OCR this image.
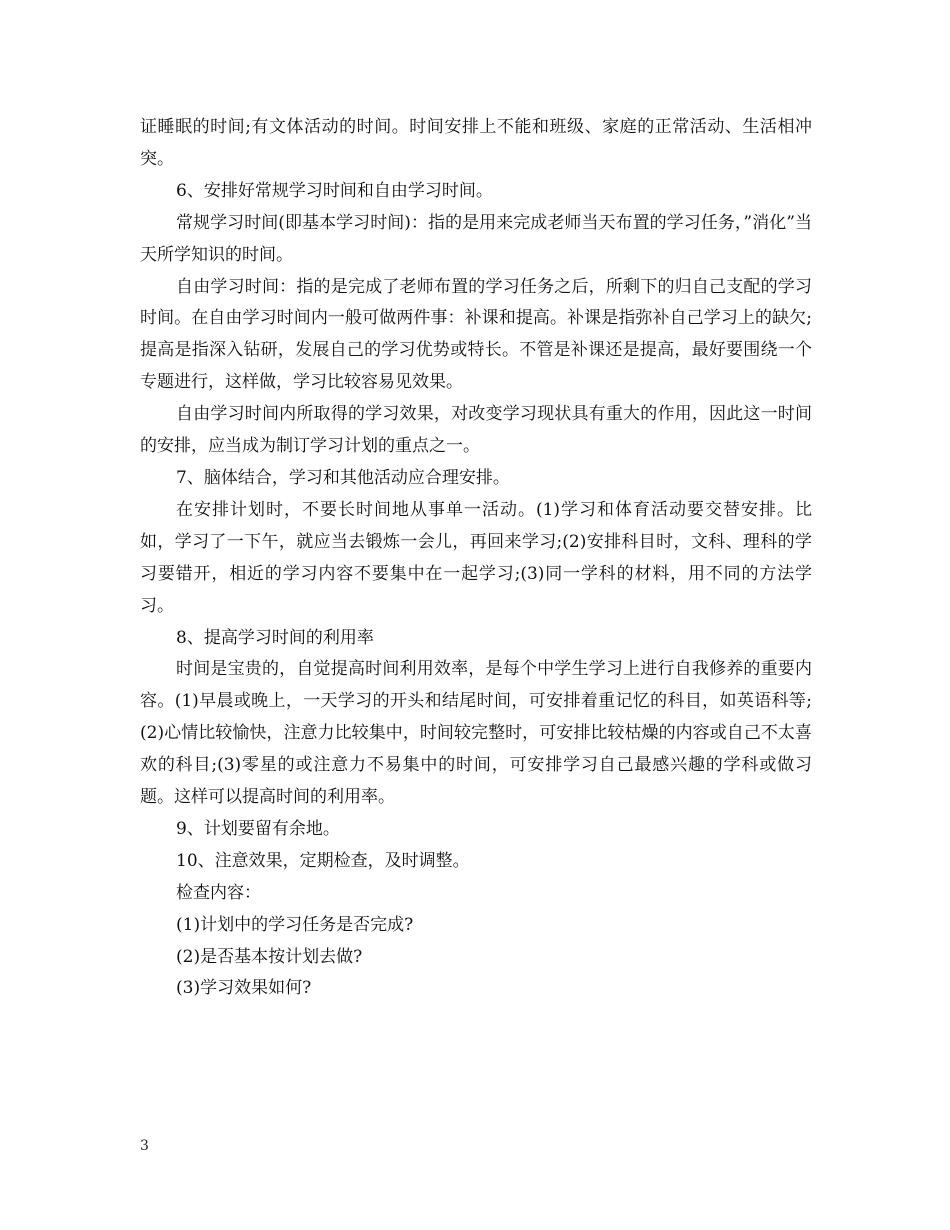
证睡眠的时间;有文体活动的时间。时间安排上不能和班级、家庭的正常活动、生活相冲突。

6、安排好常规学习时间和自由学习时间。

常规学习时间(即基本学习时间)：指的是用来完成老师当天布置的学习任务，”消化”当天所学知识的时间。

自由学习时间：指的是完成了老师布置的学习任务之后，所剩下的归自己支配的学习时间。在自由学习时间内一般可做两件事：补课和提高。补课是指弥补自己学习上的缺欠;提高是指深入钻研，发展自己的学习优势或特长。不管是补课还是提高，最好要围绕一个专题进行，这样做，学习比较容易见效果。

自由学习时间内所取得的学习效果，对改变学习现状具有重大的作用，因此这一时间的安排，应当成为制订学习计划的重点之一。

7、脑体结合，学习和其他活动应合理安排。

在安排计划时，不要长时间地从事单一活动。(1)学习和体育活动要交替安排。比如，学习了一下午，就应当去锻炼一会儿，再回来学习;(2)安排科目时，文科、理科的学习要错开，相近的学习内容不要集中在一起学习;(3)同一学科的材料，用不同的方法学习。

8、提高学习时间的利用率

时间是宝贵的，自觉提高时间利用效率，是每个中学生学习上进行自我修养的重要内容。(1)早晨或晚上，一天学习的开头和结尾时间，可安排着重记忆的科目，如英语科等;(2)心情比较愉快，注意力比较集中，时间较完整时，可安排比较枯燥的内容或自己不太喜欢的科目;(3)零星的或注意力不易集中的时间，可安排学习自己最感兴趣的学科或做习题。这样可以提高时间的利用率。

9、计划要留有余地。

10、注意效果，定期检查，及时调整。

检查内容：

(1)计划中的学习任务是否完成?

(2)是否基本按计划去做?

(3)学习效果如何?

3
